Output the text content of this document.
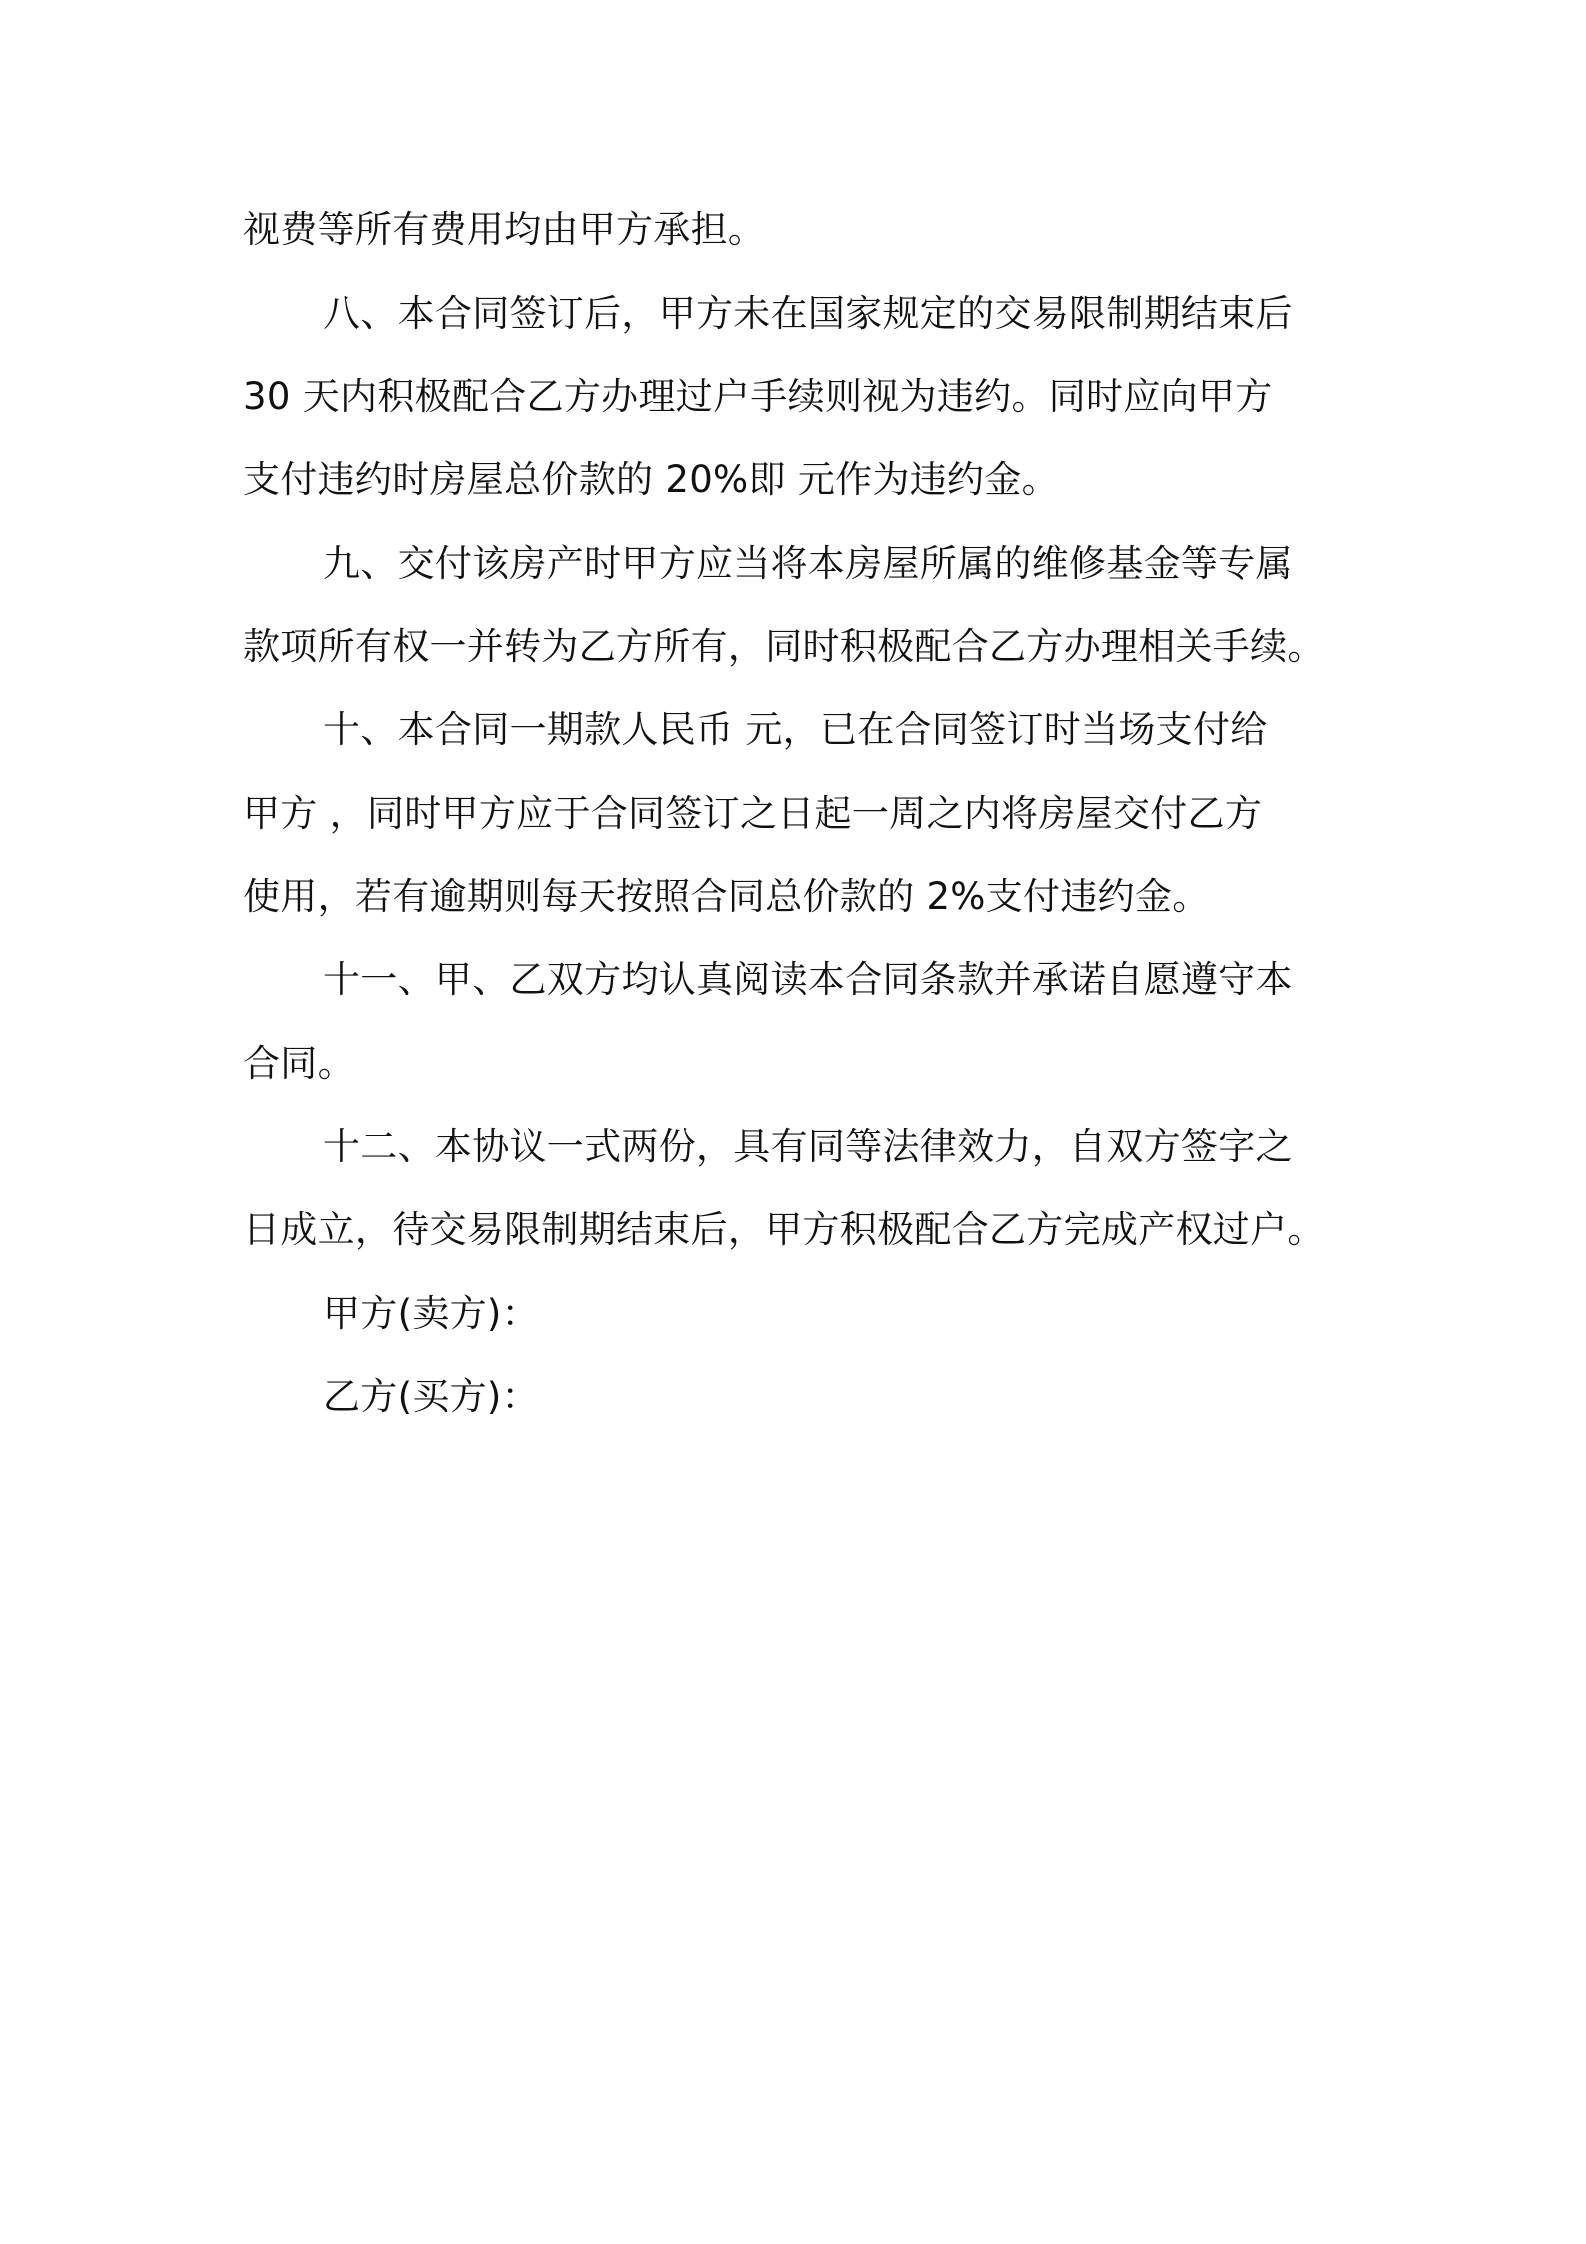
视费等所有费用均由甲方承担。
八、本合同签订后，甲方未在国家规定的交易限制期结束后
30 天内积极配合乙方办理过户手续则视为违约。同时应向甲方
支付违约时房屋总价款的 20%即 元作为违约金。
九、交付该房产时甲方应当将本房屋所属的维修基金等专属
款项所有权一并转为乙方所有，同时积极配合乙方办理相关手续。
十、本合同一期款人民币 元，已在合同签订时当场支付给
甲方 ，同时甲方应于合同签订之日起一周之内将房屋交付乙方
使用，若有逾期则每天按照合同总价款的 2%支付违约金。
十一、甲、乙双方均认真阅读本合同条款并承诺自愿遵守本
合同。
十二、本协议一式两份，具有同等法律效力，自双方签字之
日成立，待交易限制期结束后，甲方积极配合乙方完成产权过户。
甲方(卖方)：
乙方(买方)：
